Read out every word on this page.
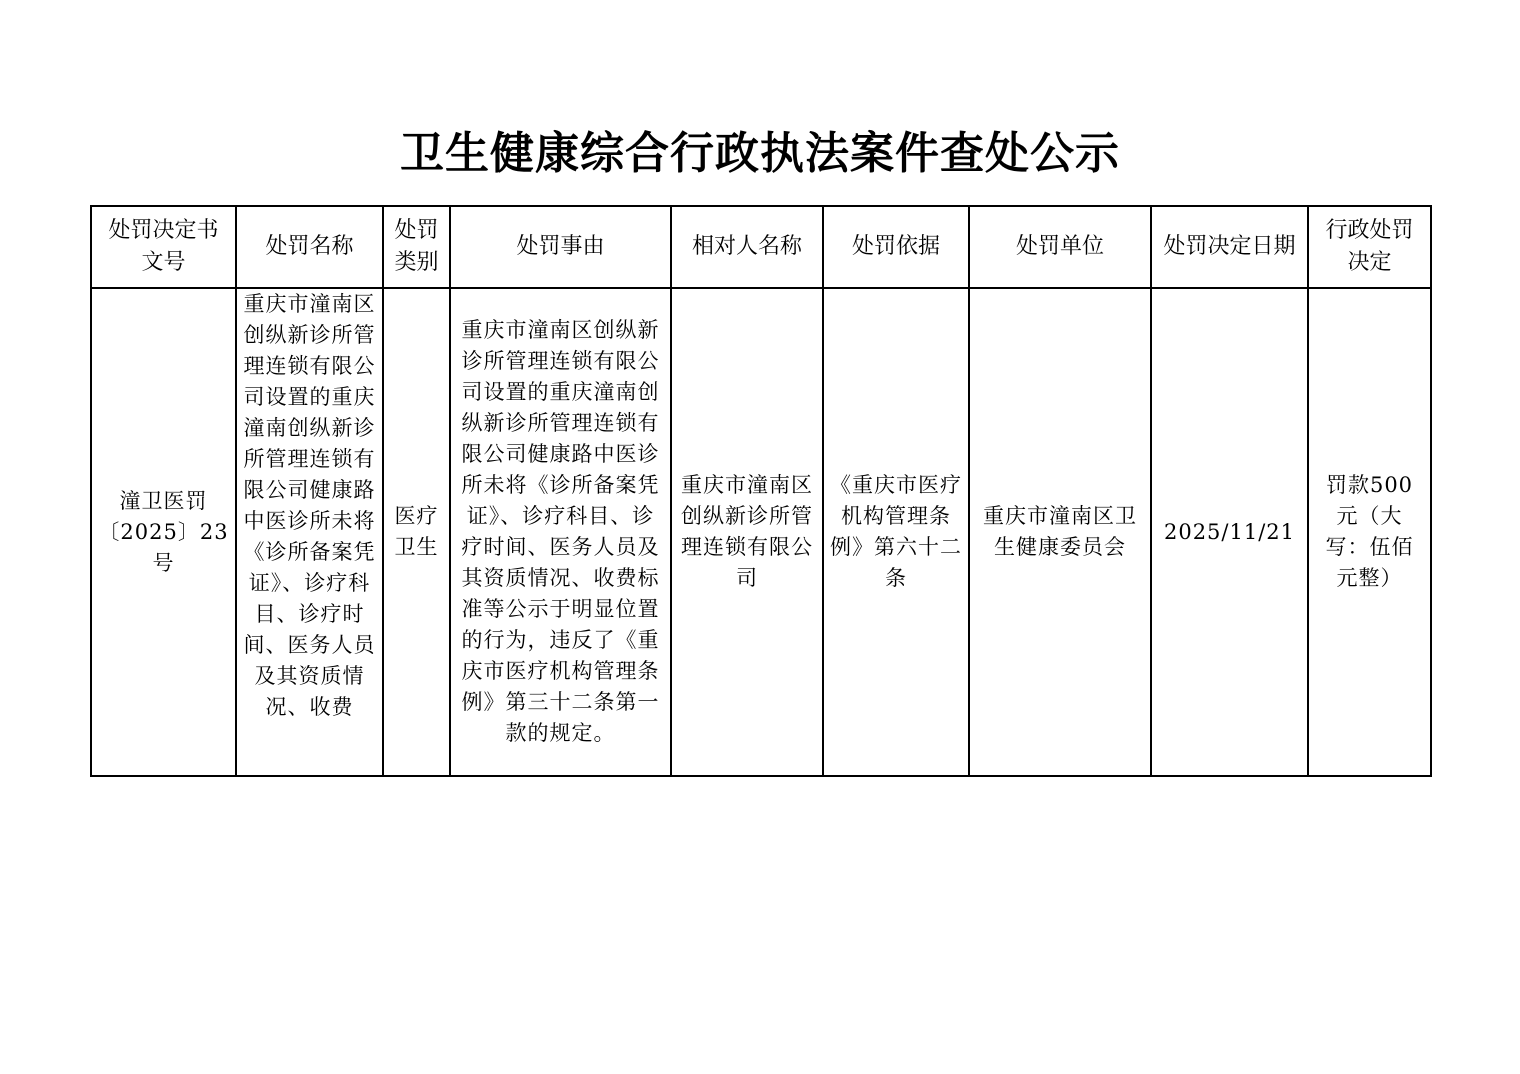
卫生健康综合行政执法案件查处公示
处罚决定书文号	处罚名称	处罚类别	处罚事由	相对人名称	处罚依据	处罚单位	处罚决定日期	行政处罚决定
潼卫医罚〔2025〕23号	重庆市潼南区创纵新诊所管理连锁有限公司设置的重庆潼南创纵新诊所管理连锁有限公司健康路中医诊所未将《诊所备案凭证》、诊疗科目、诊疗时间、医务人员及其资质情况、收费	医疗卫生	重庆市潼南区创纵新诊所管理连锁有限公司设置的重庆潼南创纵新诊所管理连锁有限公司健康路中医诊所未将《诊所备案凭证》、诊疗科目、诊疗时间、医务人员及其资质情况、收费标准等公示于明显位置的行为，违反了《重庆市医疗机构管理条例》第三十二条第一款的规定。	重庆市潼南区创纵新诊所管理连锁有限公司	《重庆市医疗机构管理条例》第六十二条	重庆市潼南区卫生健康委员会	2025/11/21	罚款500元（大写：伍佰元整）
